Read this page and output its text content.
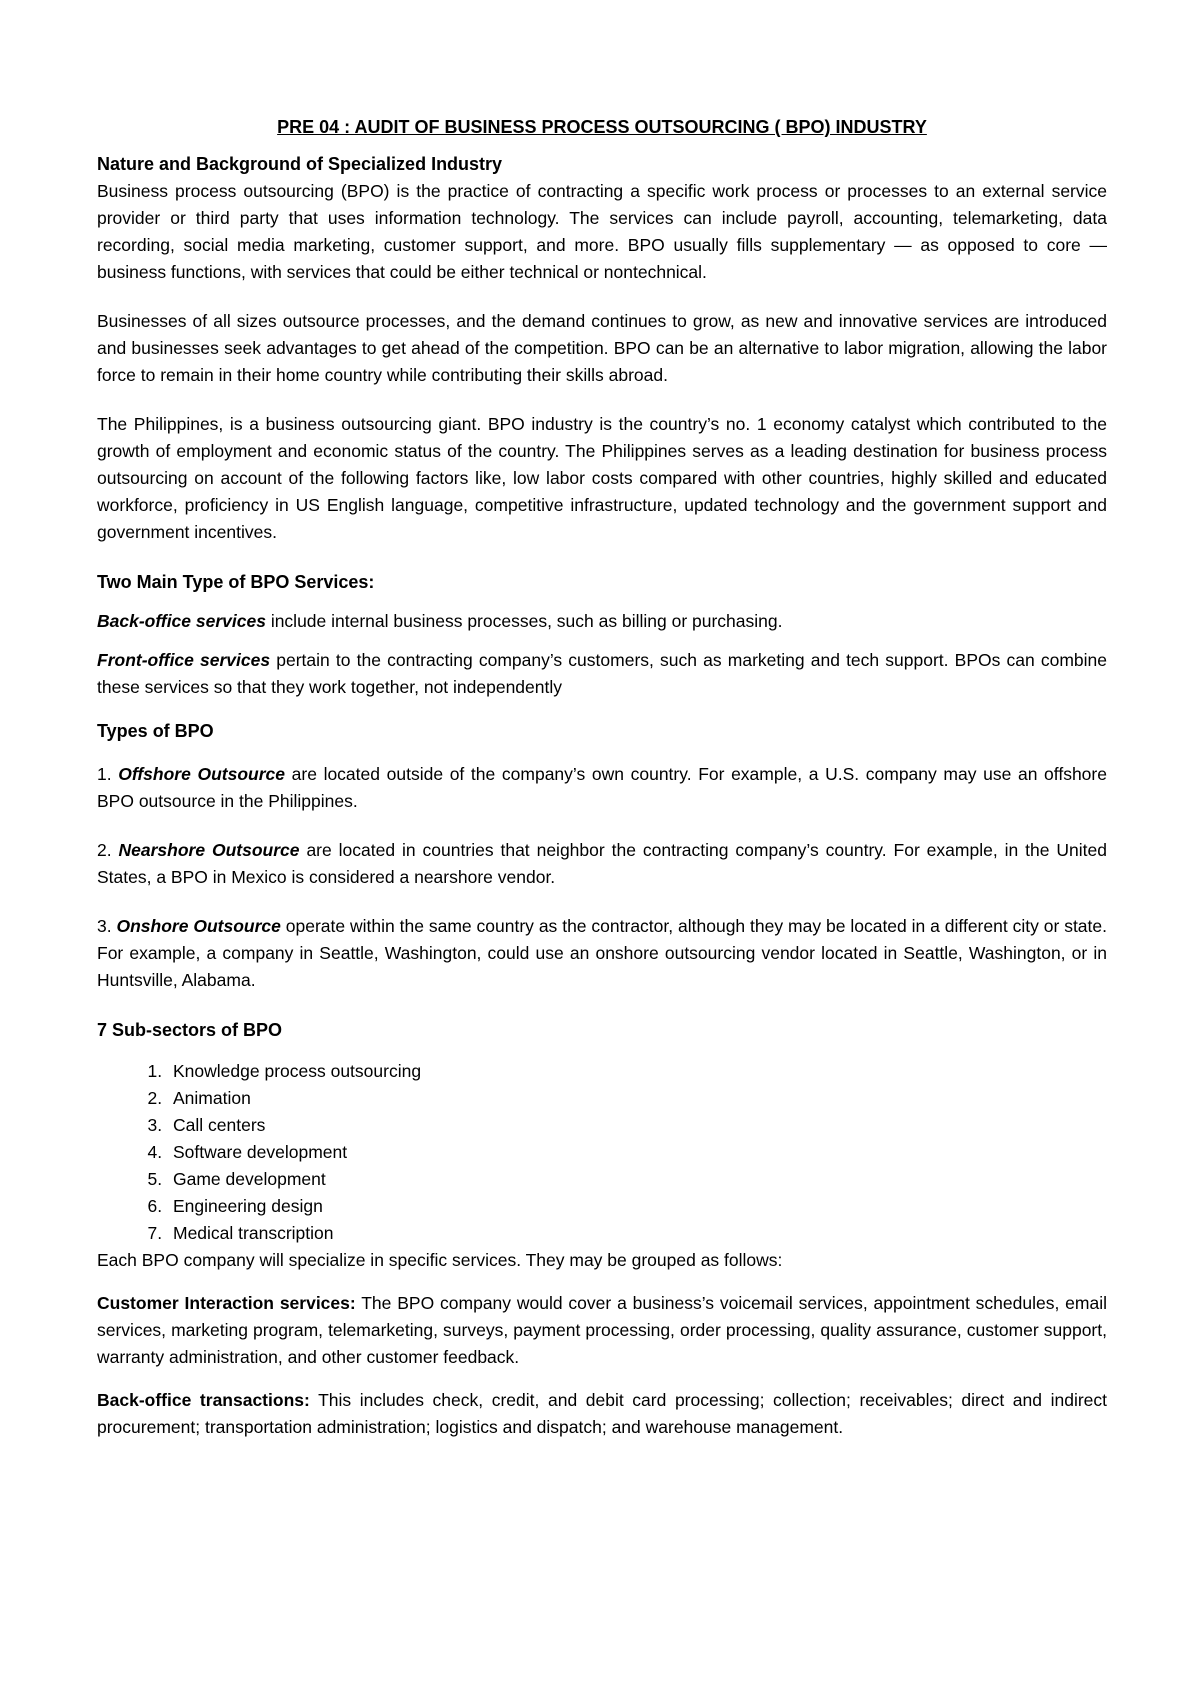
PRE 04 : AUDIT OF BUSINESS PROCESS OUTSOURCING ( BPO) INDUSTRY
Nature and Background of Specialized Industry

Business process outsourcing (BPO) is the practice of contracting a specific work process or processes to an external service provider or third party that uses information technology. The services can include payroll, accounting, telemarketing, data recording, social media marketing, customer support, and more. BPO usually fills supplementary — as opposed to core — business functions, with services that could be either technical or nontechnical.

Businesses of all sizes outsource processes, and the demand continues to grow, as new and innovative services are introduced and businesses seek advantages to get ahead of the competition. BPO can be an alternative to labor migration, allowing the labor force to remain in their home country while contributing their skills abroad.

The Philippines, is a business outsourcing giant. BPO industry is the country’s no. 1 economy catalyst which contributed to the growth of employment and economic status of the country. The Philippines serves as a leading destination for business process outsourcing on account of the following factors like, low labor costs compared with other countries, highly skilled and educated workforce, proficiency in US English language, competitive infrastructure, updated technology and the government support and government incentives.

Two Main Type of BPO Services:

Back-office services include internal business processes, such as billing or purchasing.

Front-office services pertain to the contracting company’s customers, such as marketing and tech support. BPOs can combine these services so that they work together, not independently

Types of BPO

1. Offshore Outsource are located outside of the company’s own country. For example, a U.S. company may use an offshore BPO outsource in the Philippines.

2. Nearshore Outsource are located in countries that neighbor the contracting company’s country. For example, in the United States, a BPO in Mexico is considered a nearshore vendor.

3. Onshore Outsource operate within the same country as the contractor, although they may be located in a different city or state. For example, a company in Seattle, Washington, could use an onshore outsourcing vendor located in Seattle, Washington, or in Huntsville, Alabama.

7 Sub-sectors of BPO
1. Knowledge process outsourcing
2. Animation
3. Call centers
4. Software development
5. Game development
6. Engineering design
7. Medical transcription

Each BPO company will specialize in specific services. They may be grouped as follows:

Customer Interaction services: The BPO company would cover a business’s voicemail services, appointment schedules, email services, marketing program, telemarketing, surveys, payment processing, order processing, quality assurance, customer support, warranty administration, and other customer feedback.

Back-office transactions: This includes check, credit, and debit card processing; collection; receivables; direct and indirect procurement; transportation administration; logistics and dispatch; and warehouse management.
